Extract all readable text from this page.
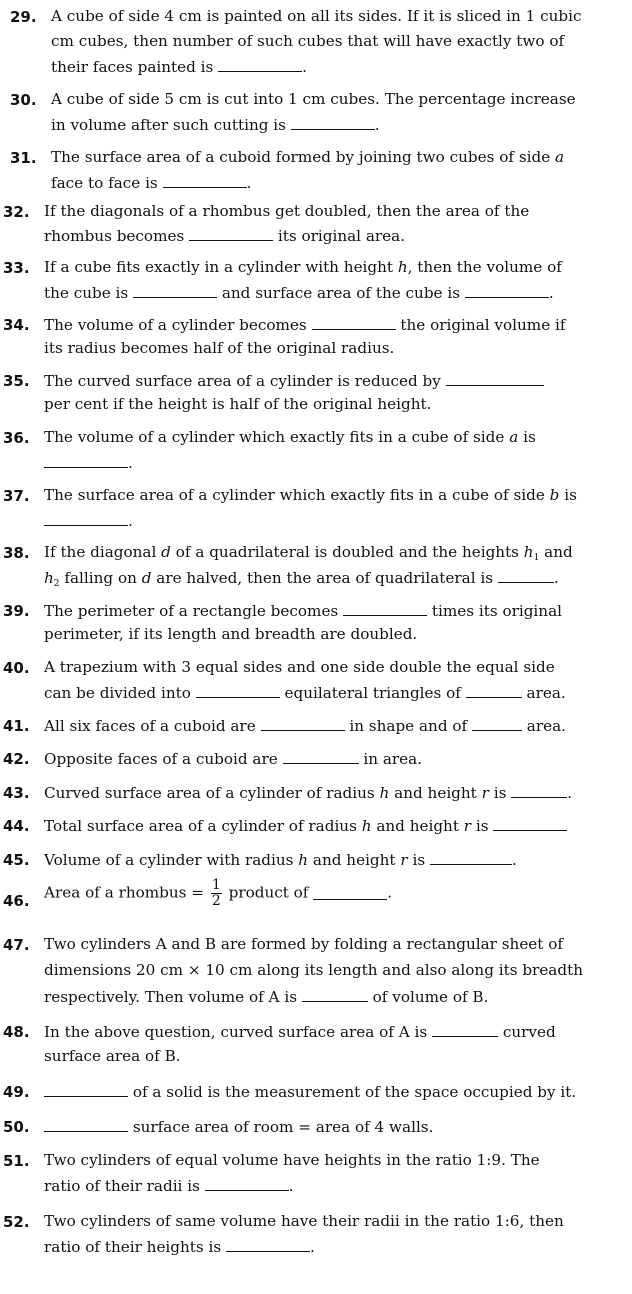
29. A cube of side 4 cm is painted on all its sides. If it is sliced in 1 cubic
cm cubes, then number of such cubes that will have exactly two of
their faces painted is	.
30. A cube of side 5 cm is cut into 1 cm cubes. The percentage increase
in volume after such cutting is	.
31. The surface area of a cuboid formed by joining two cubes of side a
face to face is	.
32. If the diagonals of a rhombus get doubled, then the area of the
rhombus becomes	its original area.
33. If a cube fits exactly in a cylinder with height h, then the volume of
the cube is	and surface area of the cube is	.
34. The volume of a cylinder becomes	the original volume if
its radius becomes half of the original radius.
35. The curved surface area of a cylinder is reduced by
per cent if the height is half of the original height.
36. The volume of a cylinder which exactly fits in a cube of side a is
.
37. The surface area of a cylinder which exactly fits in a cube of side b is
.
38. If the diagonal d of a quadrilateral is doubled and the heights $h_1$ and
$h_2$ falling on d are halved, then the area of quadrilateral is	.
39. The perimeter of a rectangle becomes	times its original
perimeter, if its length and breadth are doubled.
40. A trapezium with 3 equal sides and one side double the equal side
can be divided into	equilateral triangles of	area.
41. All six faces of a cuboid are	in shape and of	area.
42. Opposite faces of a cuboid are	in area.
43. Curved surface area of a cylinder of radius h and height r is	.
44. Total surface area of a cylinder of radius h and height r is
45. Volume of a cylinder with radius h and height r is	.
46. Area of a rhombus = $\frac{1}{2}$ product of	.
47. Two cylinders A and B are formed by folding a rectangular sheet of
dimensions 20 cm × 10 cm along its length and also along its breadth
respectively. Then volume of A is	of volume of B.
48. In the above question, curved surface area of A is	curved
surface area of B.
49.	of a solid is the measurement of the space occupied by it.
50.	surface area of room = area of 4 walls.
51. Two cylinders of equal volume have heights in the ratio 1:9. The
ratio of their radii is	.
52. Two cylinders of same volume have their radii in the ratio 1:6, then
ratio of their heights is	.
